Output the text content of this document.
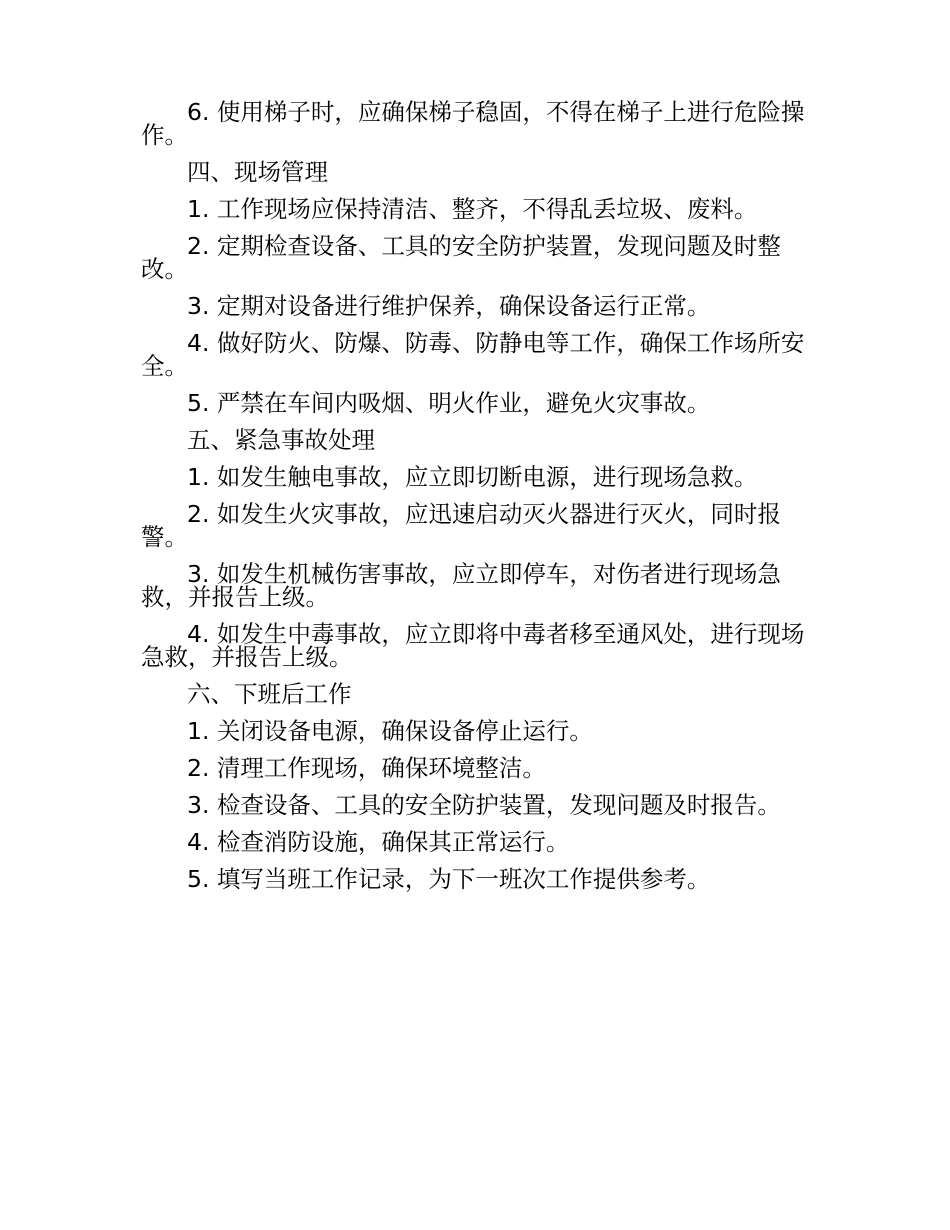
6. 使用梯子时，应确保梯子稳固，不得在梯子上进行危险操作。

四、现场管理

1. 工作现场应保持清洁、整齐，不得乱丢垃圾、废料。

2. 定期检查设备、工具的安全防护装置，发现问题及时整改。

3. 定期对设备进行维护保养，确保设备运行正常。

4. 做好防火、防爆、防毒、防静电等工作，确保工作场所安全。

5. 严禁在车间内吸烟、明火作业，避免火灾事故。

五、紧急事故处理

1. 如发生触电事故，应立即切断电源，进行现场急救。

2. 如发生火灾事故，应迅速启动灭火器进行灭火，同时报警。

3. 如发生机械伤害事故，应立即停车，对伤者进行现场急救，并报告上级。

4. 如发生中毒事故，应立即将中毒者移至通风处，进行现场急救，并报告上级。

六、下班后工作

1. 关闭设备电源，确保设备停止运行。

2. 清理工作现场，确保环境整洁。

3. 检查设备、工具的安全防护装置，发现问题及时报告。

4. 检查消防设施，确保其正常运行。

5. 填写当班工作记录，为下一班次工作提供参考。
